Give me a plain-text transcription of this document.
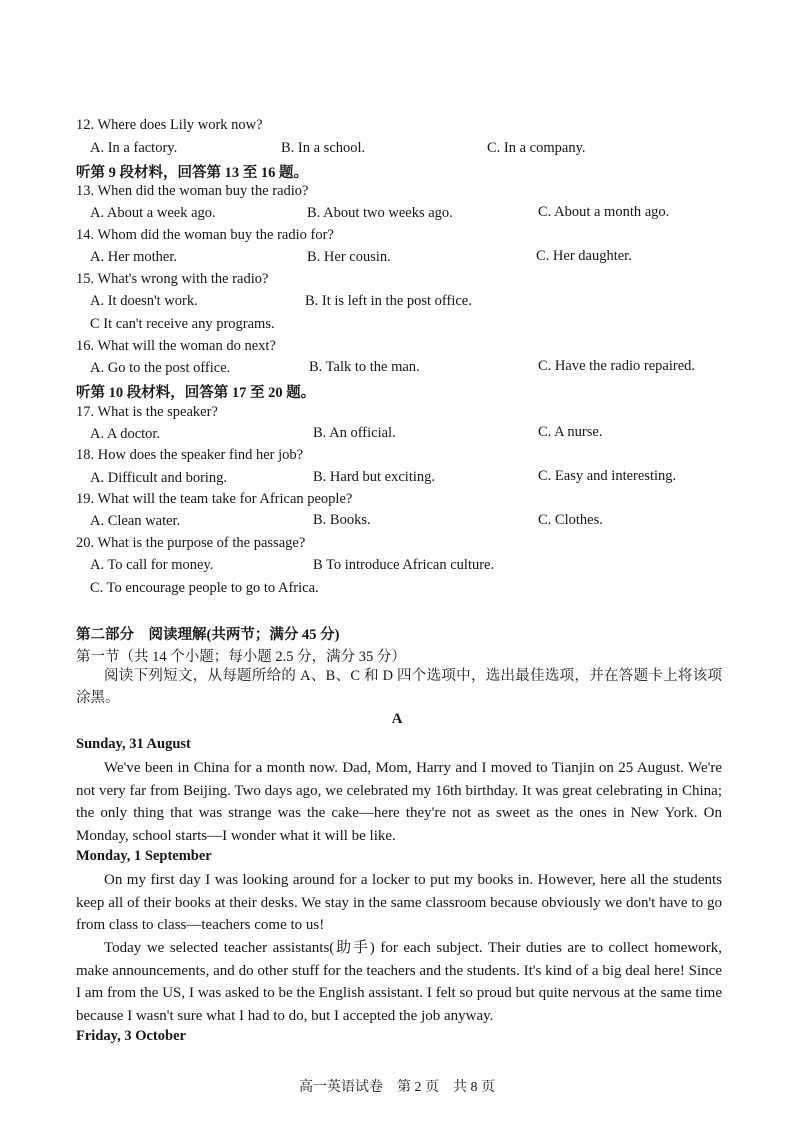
12. Where does Lily work now?
A. In a factory.	B. In a school.	C. In a company.
听第 9 段材料，回答第 13 至 16 题。
13. When did the woman buy the radio?
A. About a week ago.	B. About two weeks ago.	C. About a month ago.
14. Whom did the woman buy the radio for?
A. Her mother.	B. Her cousin.	C. Her daughter.
15. What's wrong with the radio?
A. It doesn't work.	B. It is left in the post office.
C It can't receive any programs.
16. What will the woman do next?
A. Go to the post office.	B. Talk to the man.	C. Have the radio repaired.
听第 10 段材料，回答第 17 至 20 题。
17. What is the speaker?
A. A doctor.	B. An official.	C. A nurse.
18. How does the speaker find her job?
A. Difficult and boring.	B. Hard but exciting.	C. Easy and interesting.
19. What will the team take for African people?
A. Clean water.	B. Books.	C. Clothes.
20. What is the purpose of the passage?
A. To call for money.	B To introduce African culture.
C. To encourage people to go to Africa.
第二部分　阅读理解(共两节；满分 45 分)
第一节（共 14 个小题；每小题 2.5 分，满分 35 分）
阅读下列短文，从每题所给的 A、B、C 和 D 四个选项中，选出最佳选项，并在答题卡上将该项涂黑。
A
Sunday, 31 August
We've been in China for a month now. Dad, Mom, Harry and I moved to Tianjin on 25 August. We're not very far from Beijing. Two days ago, we celebrated my 16th birthday. It was great celebrating in China; the only thing that was strange was the cake—here they're not as sweet as the ones in New York. On Monday, school starts—I wonder what it will be like.
Monday, 1 September
On my first day I was looking around for a locker to put my books in. However, here all the students keep all of their books at their desks. We stay in the same classroom because obviously we don't have to go from class to class—teachers come to us!
Today we selected teacher assistants(助手) for each subject. Their duties are to collect homework, make announcements, and do other stuff for the teachers and the students. It's kind of a big deal here! Since I am from the US, I was asked to be the English assistant. I felt so proud but quite nervous at the same time because I wasn't sure what I had to do, but I accepted the job anyway.
Friday, 3 October
高一英语试卷　第 2 页　共 8 页
